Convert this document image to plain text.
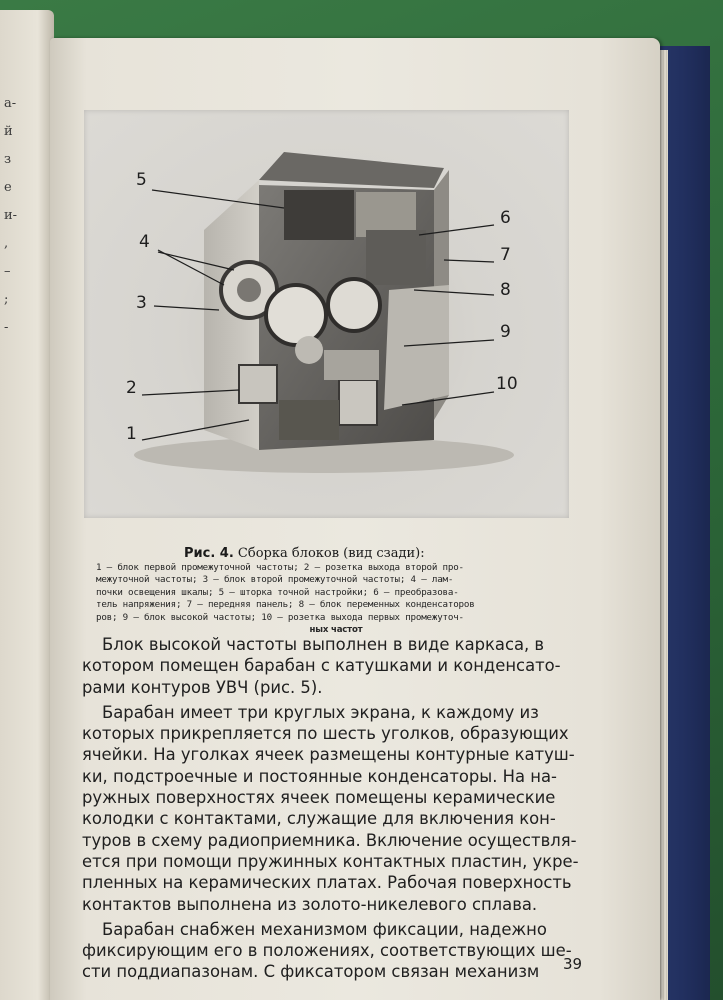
а-
й
з
е
и-
,
–
;
-
5
4
3
2
1
6
7
8
9
10
Рис. 4. Сборка блоков (вид сзади):
1 — блок первой промежуточной частоты; 2 — розетка выхода второй про-
межуточной частоты; 3 — блок второй промежуточной частоты; 4 — лам-
почки освещения шкалы; 5 — шторка точной настройки; 6 — преобразова-
тель напряжения; 7 — передняя панель; 8 — блок переменных конденсаторов
ров; 9 — блок высокой частоты; 10 — розетка выхода первых промежуточ-
ных частот
Блок высокой частоты выполнен в виде каркаса, в
котором помещен барабан с катушками и конденсато-
рами контуров УВЧ (рис. 5).
Барабан имеет три круглых экрана, к каждому из
которых прикрепляется по шесть уголков, образующих
ячейки. На уголках ячеек размещены контурные катуш-
ки, подстроечные и постоянные конденсаторы. На на-
ружных поверхностях ячеек помещены керамические
колодки с контактами, служащие для включения кон-
туров в схему радиоприемника. Включение осуществля-
ется при помощи пружинных контактных пластин, укре-
пленных на керамических платах. Рабочая поверхность
контактов выполнена из золото-никелевого сплава.
Барабан снабжен механизмом фиксации, надежно
фиксирующим его в положениях, соответствующих ше-
сти поддиапазонам. С фиксатором связан механизм	39
